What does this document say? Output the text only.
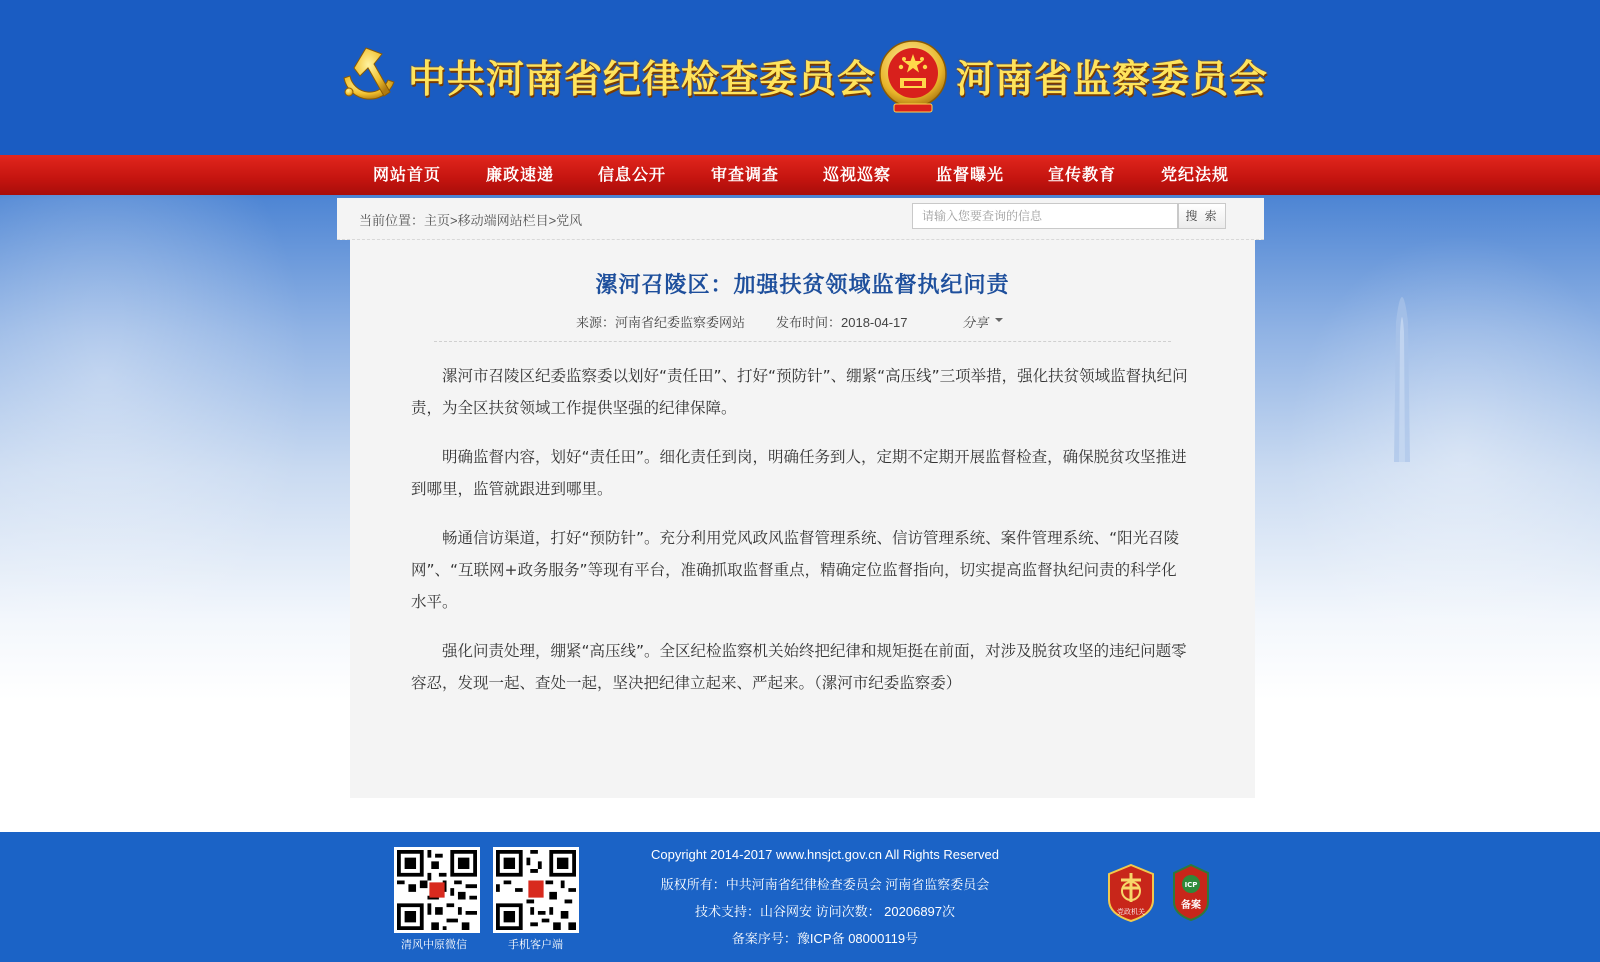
中共河南省纪律检查委员会 河南省监察委员会
网站首页	廉政速递	信息公开	审查调查	巡视巡察	监督曝光	宣传教育	党纪法规
当前位置：主页>移动端网站栏目>党风
请输入您要查询的信息	搜 索
漯河召陵区：加强扶贫领域监督执纪问责
来源：河南省纪委监察委网站 发布时间：2018-04-17	分享

漯河市召陵区纪委监察委以划好“责任田”、打好“预防针”、绷紧“高压线”三项举措，强化扶贫领域监督执纪问责，为全区扶贫领域工作提供坚强的纪律保障。

明确监督内容，划好“责任田”。细化责任到岗，明确任务到人，定期不定期开展监督检查，确保脱贫攻坚推进到哪里，监管就跟进到哪里。

畅通信访渠道，打好“预防针”。充分利用党风政风监督管理系统、信访管理系统、案件管理系统、“阳光召陵网”、“互联网+政务服务”等现有平台，准确抓取监督重点，精确定位监督指向，切实提高监督执纪问责的科学化水平。

强化问责处理，绷紧“高压线”。全区纪检监察机关始终把纪律和规矩挺在前面，对涉及脱贫攻坚的违纪问题零容忍，发现一起、查处一起，坚决把纪律立起来、严起来。（漯河市纪委监察委）

清风中原微信	手机客户端
Copyright 2014-2017 www.hnsjct.gov.cn All Rights Reserved
版权所有：中共河南省纪律检查委员会 河南省监察委员会
技术支持：山谷网安 访问次数： 20206897次
备案序号：豫ICP备 08000119号
党政机关
ICP
备案
